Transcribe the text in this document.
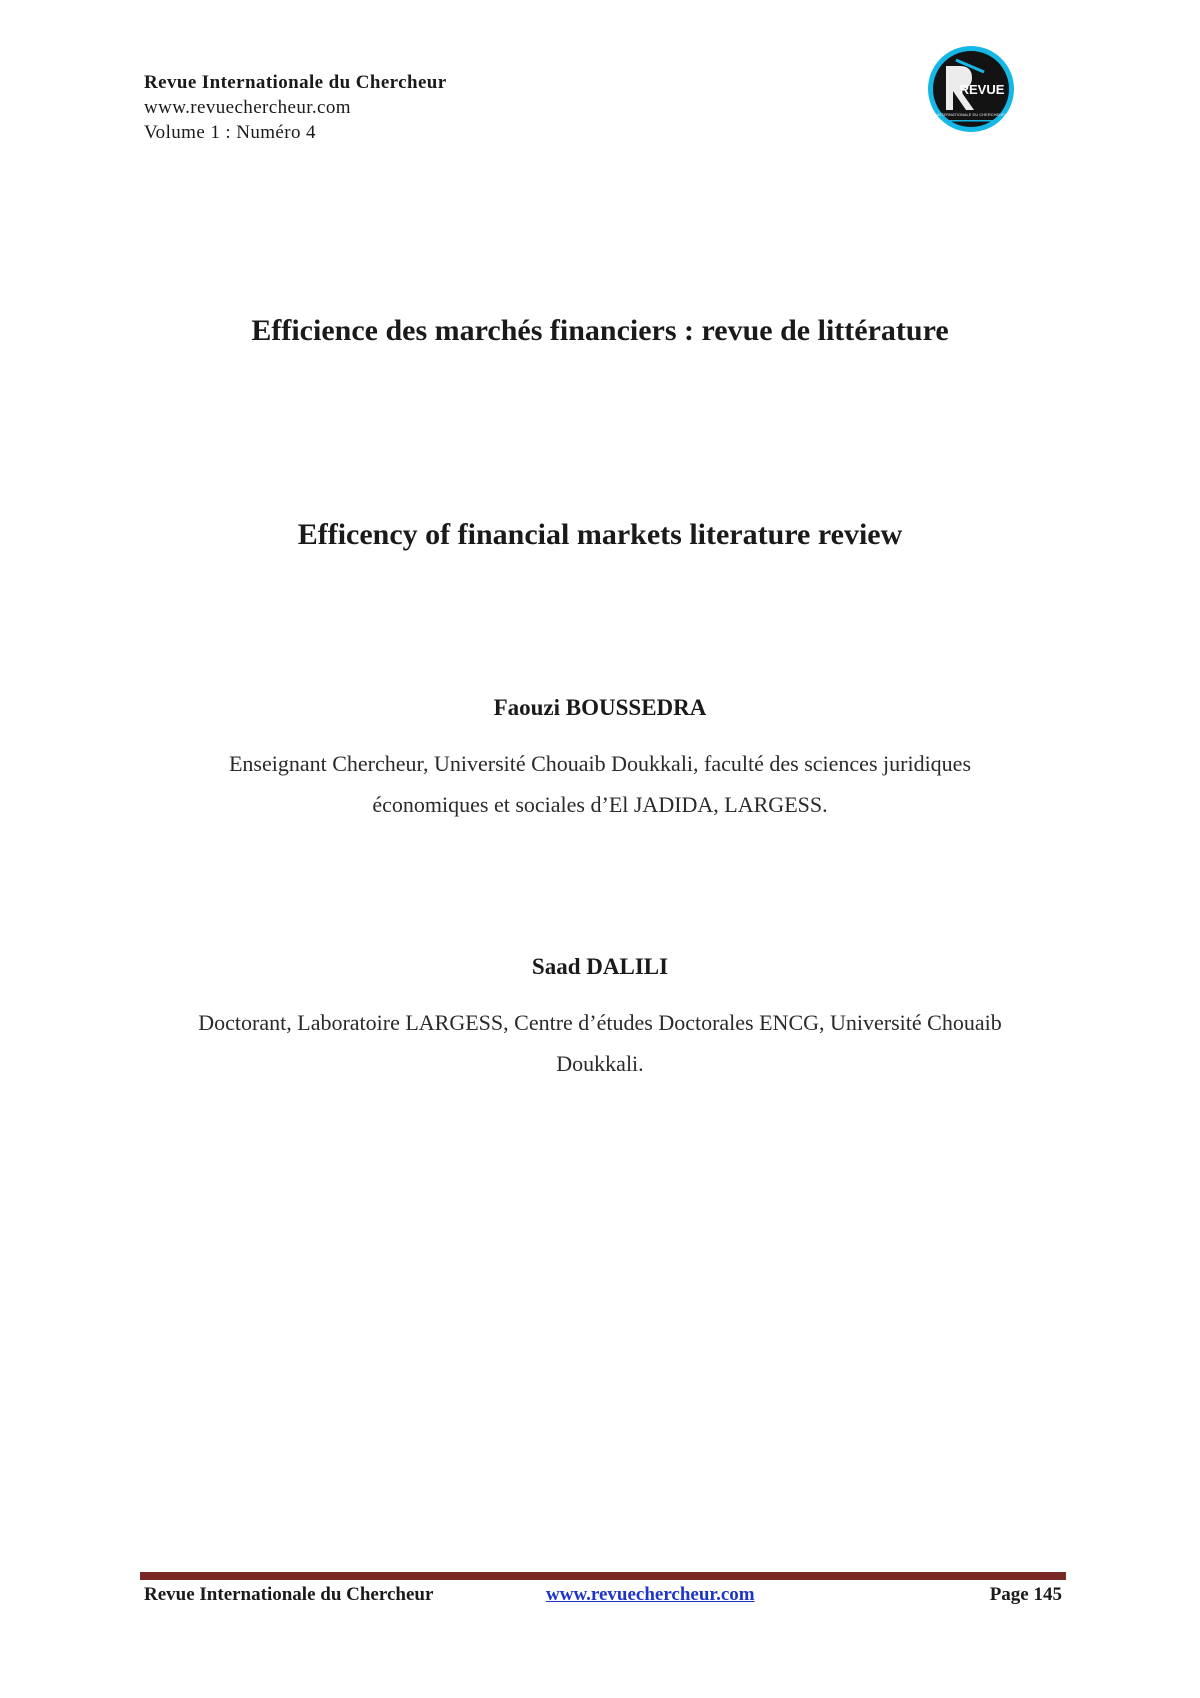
Revue Internationale du Chercheur
www.revuechercheur.com
Volume 1 : Numéro 4
REVUE
INTERNATIONALE DU CHERCHEUR
Efficience des marchés financiers : revue de littérature
Efficency of financial markets literature review
Faouzi BOUSSEDRA
Enseignant Chercheur, Université Chouaib Doukkali, faculté des sciences juridiques
économiques et sociales d’El JADIDA, LARGESS.
Saad DALILI
Doctorant, Laboratoire LARGESS, Centre d’études Doctorales ENCG, Université Chouaib
Doukkali.
Revue Internationale du Chercheur	www.revuechercheur.com	Page 145
